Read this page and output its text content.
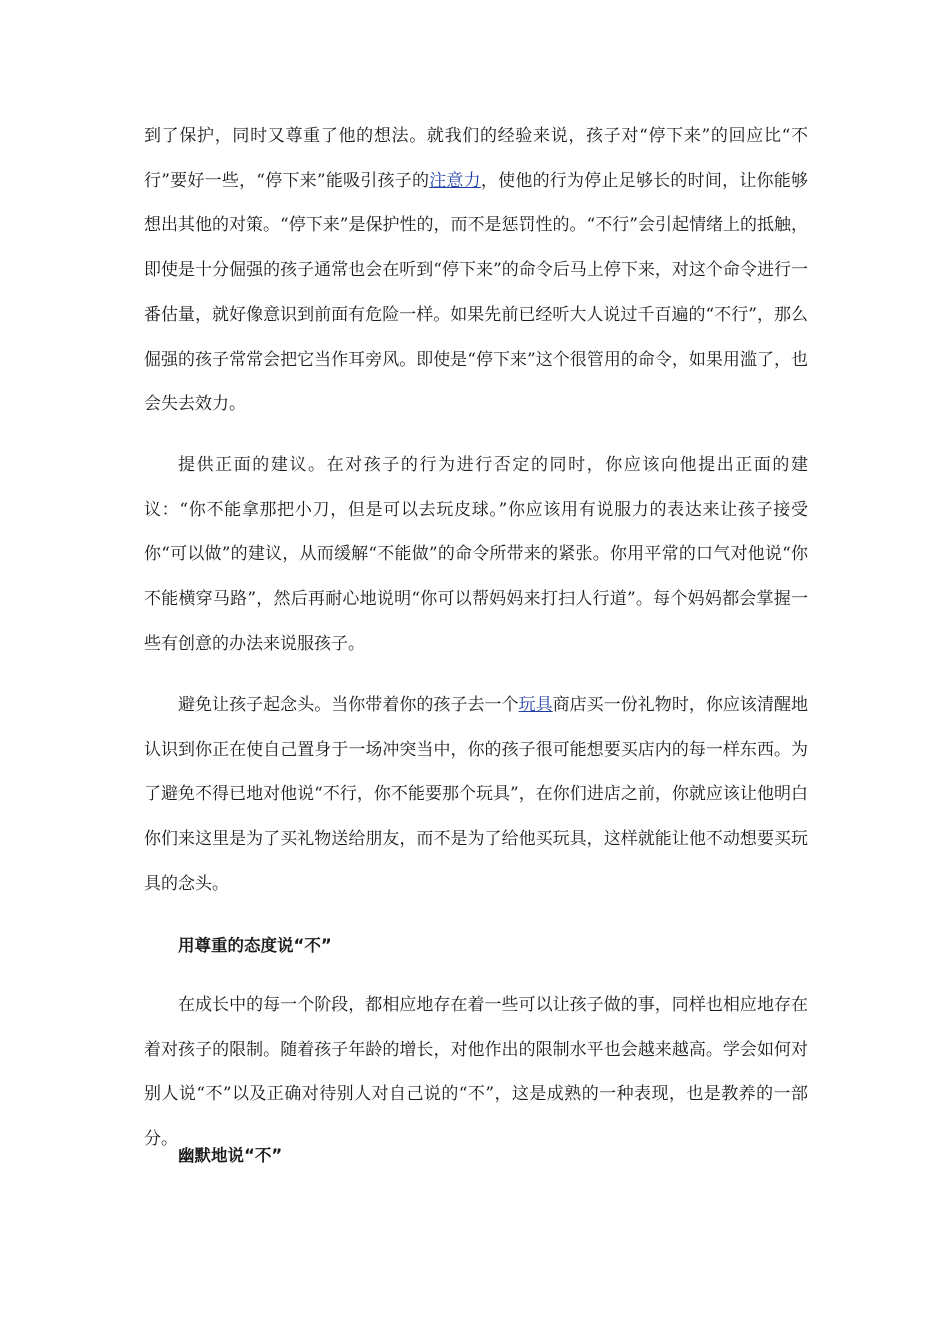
到了保护，同时又尊重了他的想法。就我们的经验来说，孩子对“停下来”的回应比“不行”要好一些，“停下来”能吸引孩子的注意力，使他的行为停止足够长的时间，让你能够想出其他的对策。“停下来”是保护性的，而不是惩罚性的。“不行”会引起情绪上的抵触，即使是十分倔强的孩子通常也会在听到“停下来”的命令后马上停下来，对这个命令进行一番估量，就好像意识到前面有危险一样。如果先前已经听大人说过千百遍的“不行”，那么倔强的孩子常常会把它当作耳旁风。即使是“停下来”这个很管用的命令，如果用滥了，也会失去效力。

提供正面的建议。在对孩子的行为进行否定的同时，你应该向他提出正面的建议：“你不能拿那把小刀，但是可以去玩皮球。”你应该用有说服力的表达来让孩子接受你“可以做”的建议，从而缓解“不能做”的命令所带来的紧张。你用平常的口气对他说“你不能横穿马路”，然后再耐心地说明“你可以帮妈妈来打扫人行道”。每个妈妈都会掌握一些有创意的办法来说服孩子。

避免让孩子起念头。当你带着你的孩子去一个玩具商店买一份礼物时，你应该清醒地认识到你正在使自己置身于一场冲突当中，你的孩子很可能想要买店内的每一样东西。为了避免不得已地对他说“不行，你不能要那个玩具”，在你们进店之前，你就应该让他明白你们来这里是为了买礼物送给朋友，而不是为了给他买玩具，这样就能让他不动想要买玩具的念头。

用尊重的态度说“不”

在成长中的每一个阶段，都相应地存在着一些可以让孩子做的事，同样也相应地存在着对孩子的限制。随着孩子年龄的增长，对他作出的限制水平也会越来越高。学会如何对别人说“不”以及正确对待别人对自己说的“不”，这是成熟的一种表现，也是教养的一部分。

幽默地说“不”
